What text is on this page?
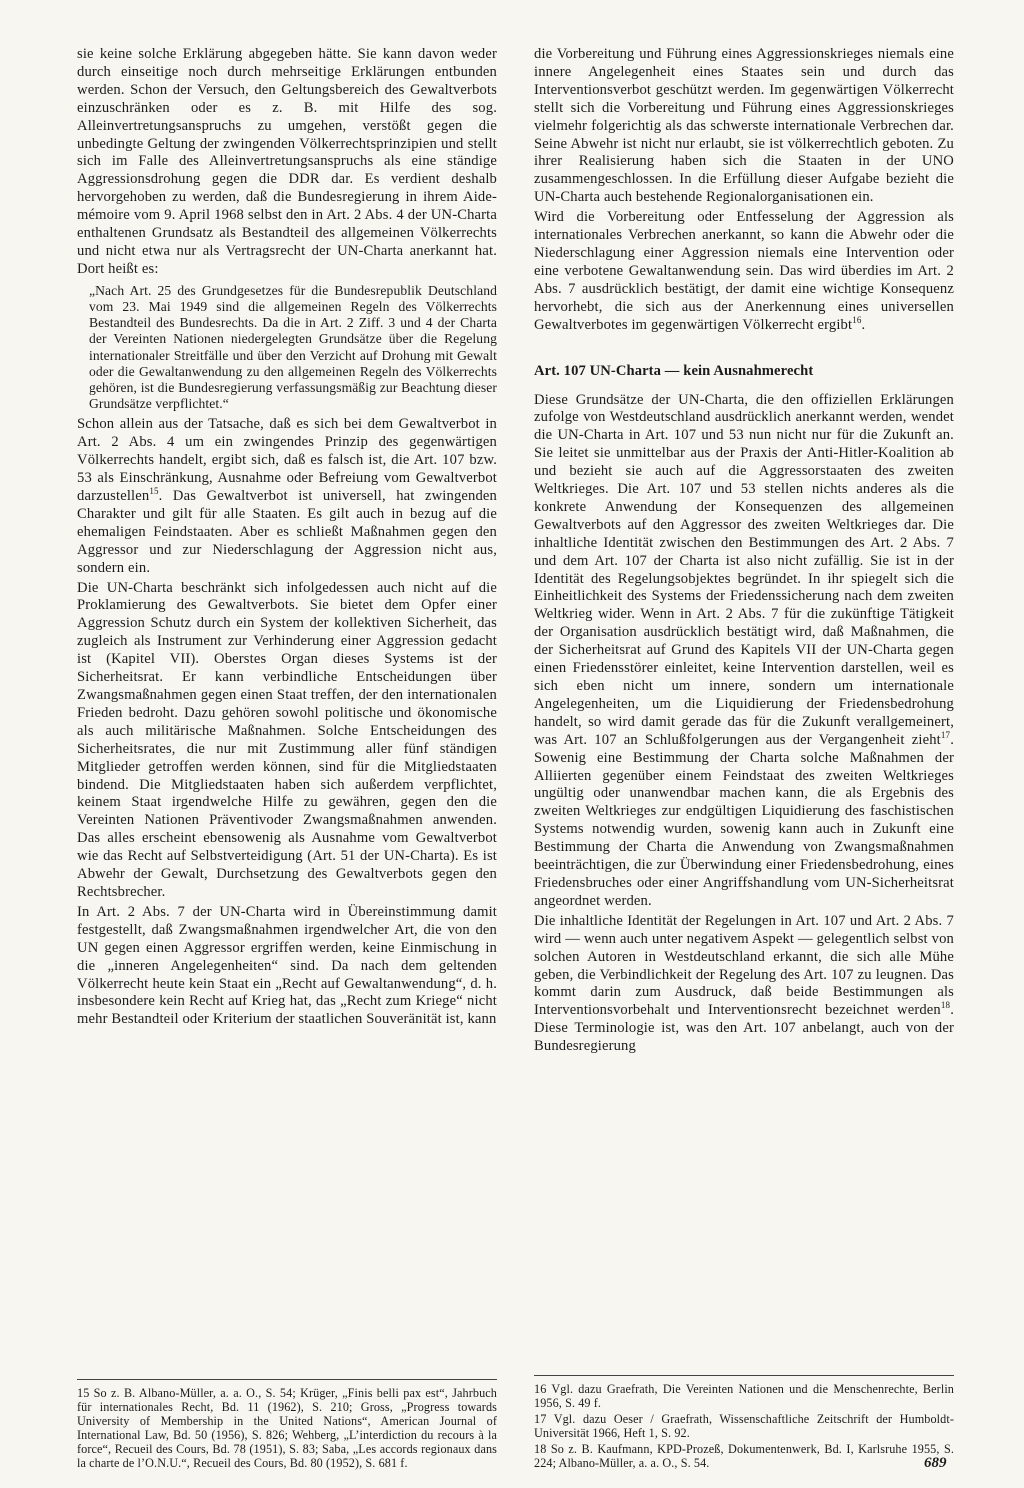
sie keine solche Erklärung abgegeben hätte. Sie kann davon weder durch einseitige noch durch mehrseitige Erklärungen entbunden werden. Schon der Versuch, den Geltungsbereich des Gewaltverbots einzuschränken oder es z. B. mit Hilfe des sog. Alleinvertretungsanspruchs zu umgehen, verstößt gegen die unbedingte Geltung der zwingenden Völkerrechtsprinzipien und stellt sich im Falle des Alleinvertretungsanspruchs als eine ständige Aggressionsdrohung gegen die DDR dar. Es verdient deshalb hervorgehoben zu werden, daß die Bundesregierung in ihrem Aide-mémoire vom 9. April 1968 selbst den in Art. 2 Abs. 4 der UN-Charta enthaltenen Grundsatz als Bestandteil des allgemeinen Völkerrechts und nicht etwa nur als Vertragsrecht der UN-Charta anerkannt hat. Dort heißt es:

„Nach Art. 25 des Grundgesetzes für die Bundesrepublik Deutschland vom 23. Mai 1949 sind die allgemeinen Regeln des Völkerrechts Bestandteil des Bundesrechts. Da die in Art. 2 Ziff. 3 und 4 der Charta der Vereinten Nationen niedergelegten Grundsätze über die Regelung internationaler Streitfälle und über den Verzicht auf Drohung mit Gewalt oder die Gewaltanwendung zu den allgemeinen Regeln des Völkerrechts gehören, ist die Bundesregierung verfassungsmäßig zur Beachtung dieser Grundsätze verpflichtet.“

Schon allein aus der Tatsache, daß es sich bei dem Gewaltverbot in Art. 2 Abs. 4 um ein zwingendes Prinzip des gegenwärtigen Völkerrechts handelt, ergibt sich, daß es falsch ist, die Art. 107 bzw. 53 als Einschränkung, Ausnahme oder Befreiung vom Gewaltverbot darzustellen$^{15}$. Das Gewaltverbot ist universell, hat zwingenden Charakter und gilt für alle Staaten. Es gilt auch in bezug auf die ehemaligen Feindstaaten. Aber es schließt Maßnahmen gegen den Aggressor und zur Niederschlagung der Aggression nicht aus, sondern ein.

Die UN-Charta beschränkt sich infolgedessen auch nicht auf die Proklamierung des Gewaltverbots. Sie bietet dem Opfer einer Aggression Schutz durch ein System der kollektiven Sicherheit, das zugleich als Instrument zur Verhinderung einer Aggression gedacht ist (Kapitel VII). Oberstes Organ dieses Systems ist der Sicherheitsrat. Er kann verbindliche Entscheidungen über Zwangsmaßnahmen gegen einen Staat treffen, der den internationalen Frieden bedroht. Dazu gehören sowohl politische und ökonomische als auch militärische Maßnahmen. Solche Entscheidungen des Sicherheitsrates, die nur mit Zustimmung aller fünf ständigen Mitglieder getroffen werden können, sind für die Mitgliedstaaten bindend. Die Mitgliedstaaten haben sich außerdem verpflichtet, keinem Staat irgendwelche Hilfe zu gewähren, gegen den die Vereinten Nationen Präventivoder Zwangsmaßnahmen anwenden. Das alles erscheint ebensowenig als Ausnahme vom Gewaltverbot wie das Recht auf Selbstverteidigung (Art. 51 der UN-Charta). Es ist Abwehr der Gewalt, Durchsetzung des Gewaltverbots gegen den Rechtsbrecher.

In Art. 2 Abs. 7 der UN-Charta wird in Übereinstimmung damit festgestellt, daß Zwangsmaßnahmen irgendwelcher Art, die von den UN gegen einen Aggressor ergriffen werden, keine Einmischung in die „inneren Angelegenheiten“ sind. Da nach dem geltenden Völkerrecht heute kein Staat ein „Recht auf Gewaltanwendung“, d. h. insbesondere kein Recht auf Krieg hat, das „Recht zum Kriege“ nicht mehr Bestandteil oder Kriterium der staatlichen Souveränität ist, kann

die Vorbereitung und Führung eines Aggressionskrieges niemals eine innere Angelegenheit eines Staates sein und durch das Interventionsverbot geschützt werden. Im gegenwärtigen Völkerrecht stellt sich die Vorbereitung und Führung eines Aggressionskrieges vielmehr folgerichtig als das schwerste internationale Verbrechen dar. Seine Abwehr ist nicht nur erlaubt, sie ist völkerrechtlich geboten. Zu ihrer Realisierung haben sich die Staaten in der UNO zusammengeschlossen. In die Erfüllung dieser Aufgabe bezieht die UN-Charta auch bestehende Regionalorganisationen ein.

Wird die Vorbereitung oder Entfesselung der Aggression als internationales Verbrechen anerkannt, so kann die Abwehr oder die Niederschlagung einer Aggression niemals eine Intervention oder eine verbotene Gewaltanwendung sein. Das wird überdies im Art. 2 Abs. 7 ausdrücklich bestätigt, der damit eine wichtige Konsequenz hervorhebt, die sich aus der Anerkennung eines universellen Gewaltverbotes im gegenwärtigen Völkerrecht ergibt$^{16}$.

Art. 107 UN-Charta — kein Ausnahmerecht

Diese Grundsätze der UN-Charta, die den offiziellen Erklärungen zufolge von Westdeutschland ausdrücklich anerkannt werden, wendet die UN-Charta in Art. 107 und 53 nun nicht nur für die Zukunft an. Sie leitet sie unmittelbar aus der Praxis der Anti-Hitler-Koalition ab und bezieht sie auch auf die Aggressorstaaten des zweiten Weltkrieges. Die Art. 107 und 53 stellen nichts anderes als die konkrete Anwendung der Konsequenzen des allgemeinen Gewaltverbots auf den Aggressor des zweiten Weltkrieges dar. Die inhaltliche Identität zwischen den Bestimmungen des Art. 2 Abs. 7 und dem Art. 107 der Charta ist also nicht zufällig. Sie ist in der Identität des Regelungsobjektes begründet. In ihr spiegelt sich die Einheitlichkeit des Systems der Friedenssicherung nach dem zweiten Weltkrieg wider. Wenn in Art. 2 Abs. 7 für die zukünftige Tätigkeit der Organisation ausdrücklich bestätigt wird, daß Maßnahmen, die der Sicherheitsrat auf Grund des Kapitels VII der UN-Charta gegen einen Friedensstörer einleitet, keine Intervention darstellen, weil es sich eben nicht um innere, sondern um internationale Angelegenheiten, um die Liquidierung der Friedensbedrohung handelt, so wird damit gerade das für die Zukunft verallgemeinert, was Art. 107 an Schlußfolgerungen aus der Vergangenheit zieht$^{17}$. Sowenig eine Bestimmung der Charta solche Maßnahmen der Alliierten gegenüber einem Feindstaat des zweiten Weltkrieges ungültig oder unanwendbar machen kann, die als Ergebnis des zweiten Weltkrieges zur endgültigen Liquidierung des faschistischen Systems notwendig wurden, sowenig kann auch in Zukunft eine Bestimmung der Charta die Anwendung von Zwangsmaßnahmen beeinträchtigen, die zur Überwindung einer Friedensbedrohung, eines Friedensbruches oder einer Angriffshandlung vom UN-Sicherheitsrat angeordnet werden.

Die inhaltliche Identität der Regelungen in Art. 107 und Art. 2 Abs. 7 wird — wenn auch unter negativem Aspekt — gelegentlich selbst von solchen Autoren in Westdeutschland erkannt, die sich alle Mühe geben, die Verbindlichkeit der Regelung des Art. 107 zu leugnen. Das kommt darin zum Ausdruck, daß beide Bestimmungen als Interventionsvorbehalt und Interventionsrecht bezeichnet werden$^{18}$. Diese Terminologie ist, was den Art. 107 anbelangt, auch von der Bundesregierung

15 So z. B. Albano-Müller, a. a. O., S. 54; Krüger, „Finis belli pax est“, Jahrbuch für internationales Recht, Bd. 11 (1962), S. 210; Gross, „Progress towards University of Membership in the United Nations“, American Journal of International Law, Bd. 50 (1956), S. 826; Wehberg, „L’interdiction du recours à la force“, Recueil des Cours, Bd. 78 (1951), S. 83; Saba, „Les accords regionaux dans la charte de l’O.N.U.“, Recueil des Cours, Bd. 80 (1952), S. 681 f.

16 Vgl. dazu Graefrath, Die Vereinten Nationen und die Menschenrechte, Berlin 1956, S. 49 f.

17 Vgl. dazu Oeser / Graefrath, Wissenschaftliche Zeitschrift der Humboldt-Universität 1966, Heft 1, S. 92.

18 So z. B. Kaufmann, KPD-Prozeß, Dokumentenwerk, Bd. I, Karlsruhe 1955, S. 224; Albano-Müller, a. a. O., S. 54.	689
